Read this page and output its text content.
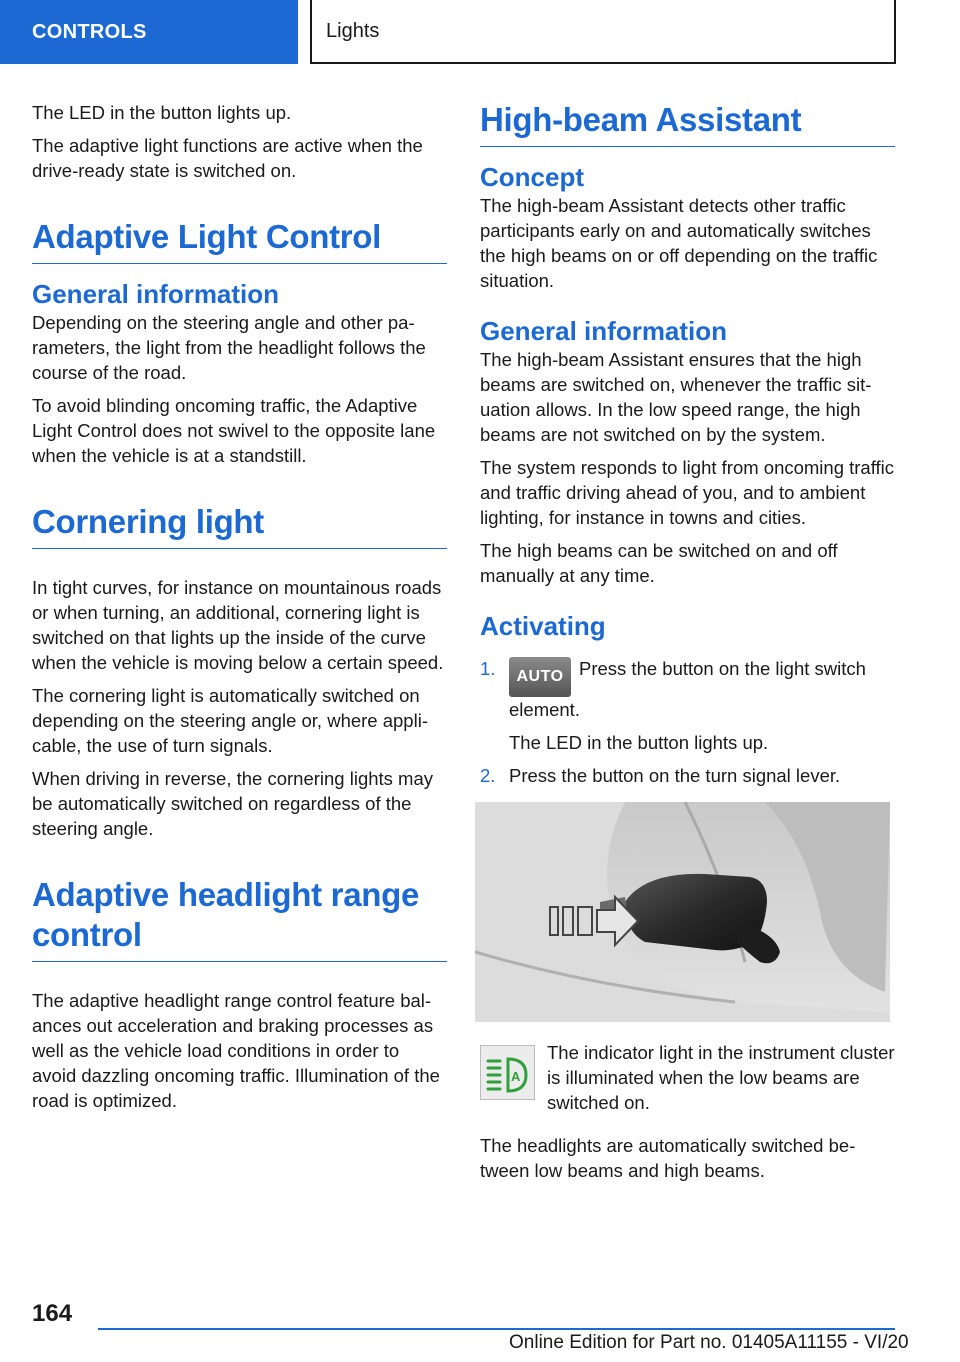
CONTROLS	Lights

The LED in the button lights up.

The adaptive light functions are active when the drive-ready state is switched on.

Adaptive Light Control
General information

Depending on the steering angle and other parameters, the light from the headlight follows the course of the road.

To avoid blinding oncoming traffic, the Adaptive Light Control does not swivel to the opposite lane when the vehicle is at a standstill.

Cornering light

In tight curves, for instance on mountainous roads or when turning, an additional, cornering light is switched on that lights up the inside of the curve when the vehicle is moving below a certain speed.

The cornering light is automatically switched on depending on the steering angle or, where applicable, the use of turn signals.

When driving in reverse, the cornering lights may be automatically switched on regardless of the steering angle.

Adaptive headlight range control

The adaptive headlight range control feature balances out acceleration and braking processes as well as the vehicle load conditions in order to avoid dazzling oncoming traffic. Illumination of the road is optimized.

High-beam Assistant
Concept

The high-beam Assistant detects other traffic participants early on and automatically switches the high beams on or off depending on the traffic situation.

General information

The high-beam Assistant ensures that the high beams are switched on, whenever the traffic situation allows. In the low speed range, the high beams are not switched on by the system.

The system responds to light from oncoming traffic and traffic driving ahead of you, and to ambient lighting, for instance in towns and cities.

The high beams can be switched on and off manually at any time.

Activating
1.	AUTO Press the button on the light switch element.
The LED in the button lights up.
2. Press the button on the turn signal lever.
A

The indicator light in the instrument cluster is illuminated when the low beams are switched on.

The headlights are automatically switched between low beams and high beams.

164
Online Edition for Part no. 01405A11155 - VI/20
